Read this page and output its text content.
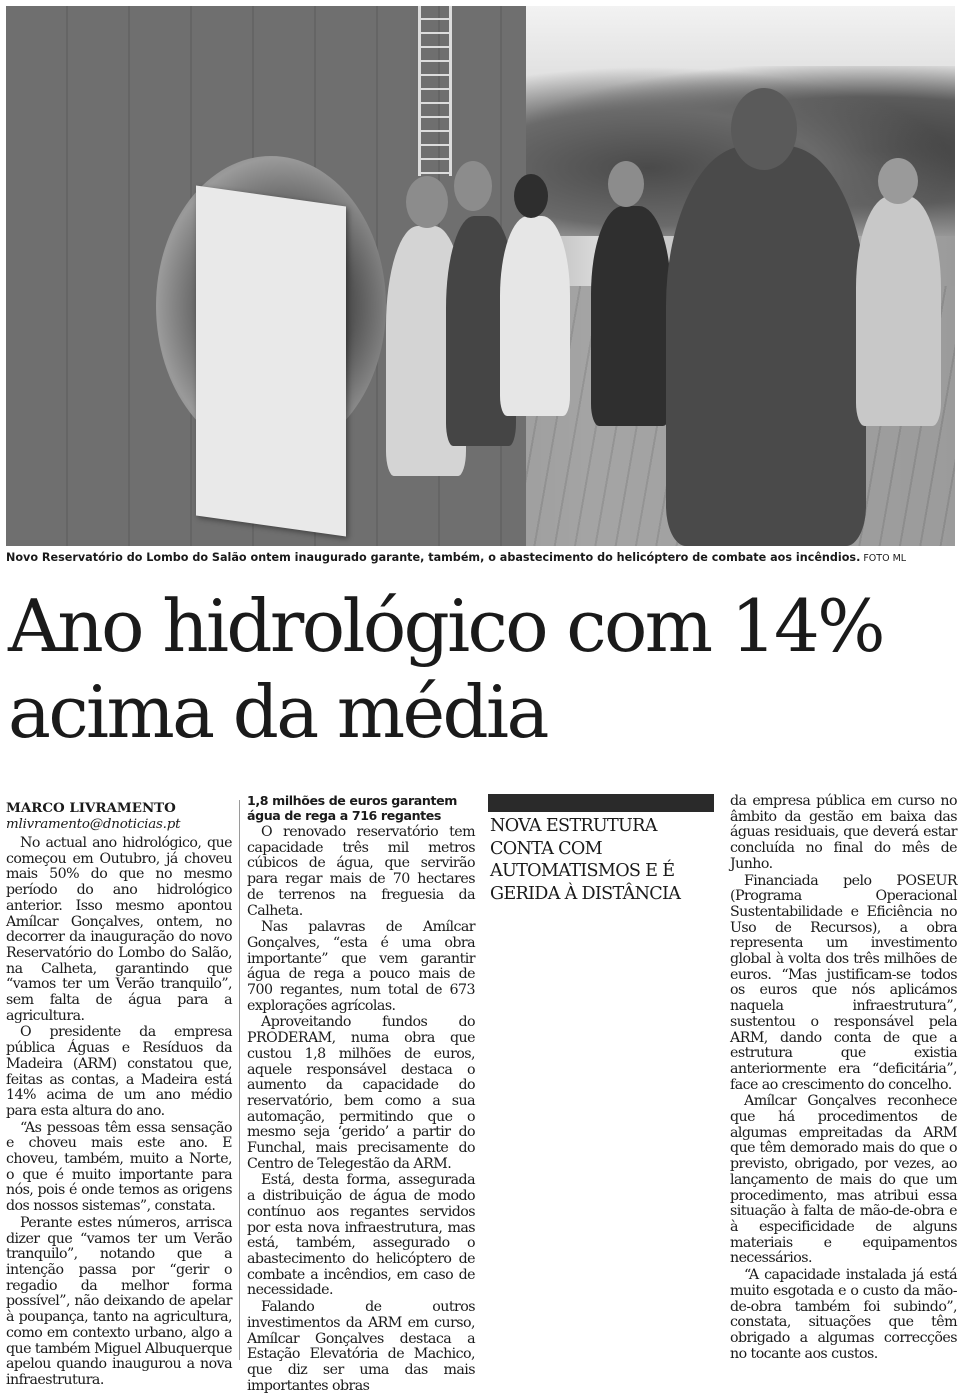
Novo Reservatório do Lombo do Salão ontem inaugurado garante, também, o abastecimento do helicóptero de combate aos incêndios. FOTO ML
Ano hidrológico com 14% acima da média
MARCO LIVRAMENTO
mlivramento@dnoticias.pt

No actual ano hidrológico, que começou em Outubro, já choveu mais 50% do que no mesmo período do ano hidrológico anterior. Isso mesmo apontou Amílcar Gonçalves, ontem, no decorrer da inauguração do novo Reservatório do Lombo do Salão, na Calheta, garantindo que “vamos ter um Verão tranquilo”, sem falta de água para a agricultura.

O presidente da empresa pública Águas e Resíduos da Madeira (ARM) constatou que, feitas as contas, a Madeira está 14% acima de um ano médio para esta altura do ano.

“As pessoas têm essa sensação e choveu mais este ano. E choveu, também, muito a Norte, o que é muito importante para nós, pois é onde temos as origens dos nossos sistemas”, constata.

Perante estes números, arrisca dizer que “vamos ter um Verão tranquilo”, notando que a intenção passa por “gerir o regadio da melhor forma possível”, não deixando de apelar à poupança, tanto na agricultura, como em contexto urbano, algo a que também Miguel Albuquerque apelou quando inaugurou a nova infraestrutura.

1,8 milhões de euros garantem água de rega a 716 regantes

O renovado reservatório tem capacidade três mil metros cúbicos de água, que servirão para regar mais de 70 hectares de terrenos na freguesia da Calheta.

Nas palavras de Amílcar Gonçalves, “esta é uma obra importante” que vem garantir água de rega a pouco mais de 700 regantes, num total de 673 explorações agrícolas.

Aproveitando fundos do PRODERAM, numa obra que custou 1,8 milhões de euros, aquele responsável destaca o aumento da capacidade do reservatório, bem como a sua automação, permitindo que o mesmo seja ‘gerido’ a partir do Funchal, mais precisamente do Centro de Telegestão da ARM.

Está, desta forma, assegurada a distribuição de água de modo contínuo aos regantes servidos por esta nova infraestrutura, mas está, também, assegurado o abastecimento do helicóptero de combate a incêndios, em caso de necessidade.

Falando de outros investimentos da ARM em curso, Amílcar Gonçalves destaca a Estação Elevatória de Machico, que diz ser uma das mais importantes obras

NOVA ESTRUTURA CONTA COM AUTOMATISMOS E É GERIDA À DISTÂNCIA

da empresa pública em curso no âmbito da gestão em baixa das águas residuais, que deverá estar concluída no final do mês de Junho.

Financiada pelo POSEUR (Programa Operacional Sustentabilidade e Eficiência no Uso de Recursos), a obra representa um investimento global à volta dos três milhões de euros. “Mas justificam-se todos os euros que nós aplicámos naquela infraestrutura”, sustentou o responsável pela ARM, dando conta de que a estrutura que existia anteriormente era “deficitária”, face ao crescimento do concelho.

Amílcar Gonçalves reconhece que há procedimentos de algumas empreitadas da ARM que têm demorado mais do que o previsto, obrigado, por vezes, ao lançamento de mais do que um procedimento, mas atribui essa situação à falta de mão-de-obra e à especificidade de alguns materiais e equipamentos necessários.

“A capacidade instalada já está muito esgotada e o custo da mão-de-obra também foi subindo”, constata, situações que têm obrigado a algumas correcções no tocante aos custos.
